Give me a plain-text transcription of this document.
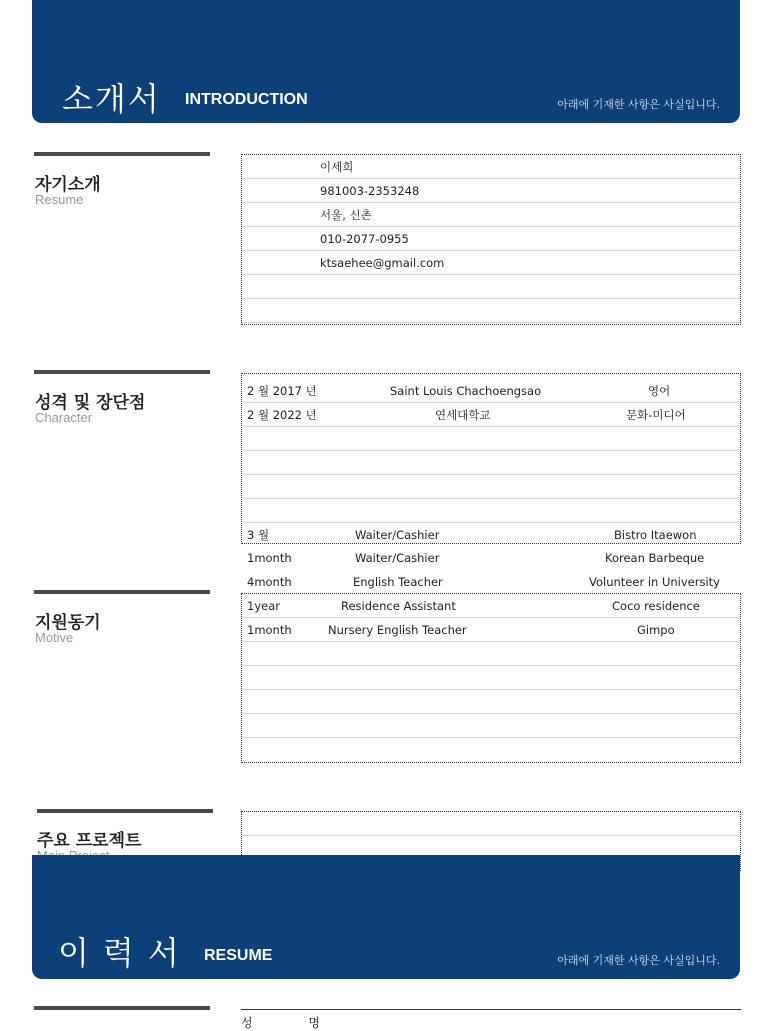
소개서 INTRODUCTION	아래에 기재한 사항은 사실입니다.
자기소개
Resume
이세희
981003-2353248
서울, 신촌
010-2077-0955
ktsaehee@gmail.com
성격 및 장단점
Character
2 월 2017 년	Saint Louis Chachoengsao	영어
2 월 2022 년	연세대학교	문화-미디어
3 월	Waiter/Cashier	Bistro Itaewon
1month	Waiter/Cashier	Korean Barbeque
4month	English Teacher	Volunteer in University
지원동기
Motive
1year	Residence Assistant	Coco residence
1month	Nursery English Teacher	Gimpo
주요 프로젝트
이력서 RESUME	아래에 기재한 사항은 사실입니다.
성 명
